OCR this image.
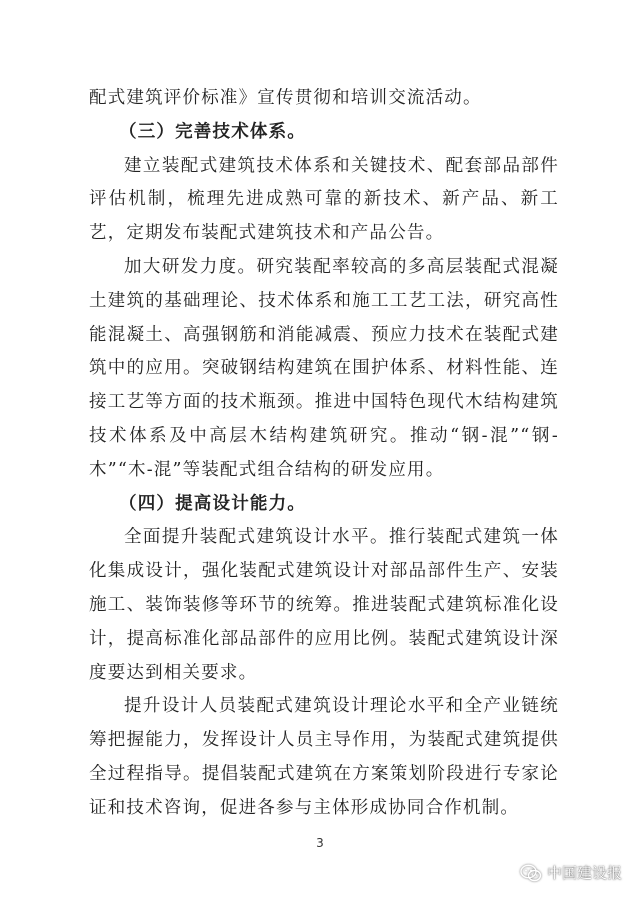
配式建筑评价标准》宣传贯彻和培训交流活动。

（三）完善技术体系。

建立装配式建筑技术体系和关键技术、配套部品部件评估机制，梳理先进成熟可靠的新技术、新产品、新工艺，定期发布装配式建筑技术和产品公告。

加大研发力度。研究装配率较高的多高层装配式混凝土建筑的基础理论、技术体系和施工工艺工法，研究高性能混凝土、高强钢筋和消能减震、预应力技术在装配式建筑中的应用。突破钢结构建筑在围护体系、材料性能、连接工艺等方面的技术瓶颈。推进中国特色现代木结构建筑技术体系及中高层木结构建筑研究。推动“钢-混”“钢-木”“木-混”等装配式组合结构的研发应用。

（四）提高设计能力。

全面提升装配式建筑设计水平。推行装配式建筑一体化集成设计，强化装配式建筑设计对部品部件生产、安装施工、装饰装修等环节的统筹。推进装配式建筑标准化设计，提高标准化部品部件的应用比例。装配式建筑设计深度要达到相关要求。

提升设计人员装配式建筑设计理论水平和全产业链统筹把握能力，发挥设计人员主导作用，为装配式建筑提供全过程指导。提倡装配式建筑在方案策划阶段进行专家论证和技术咨询，促进各参与主体形成协同合作机制。

3
中国建设报
